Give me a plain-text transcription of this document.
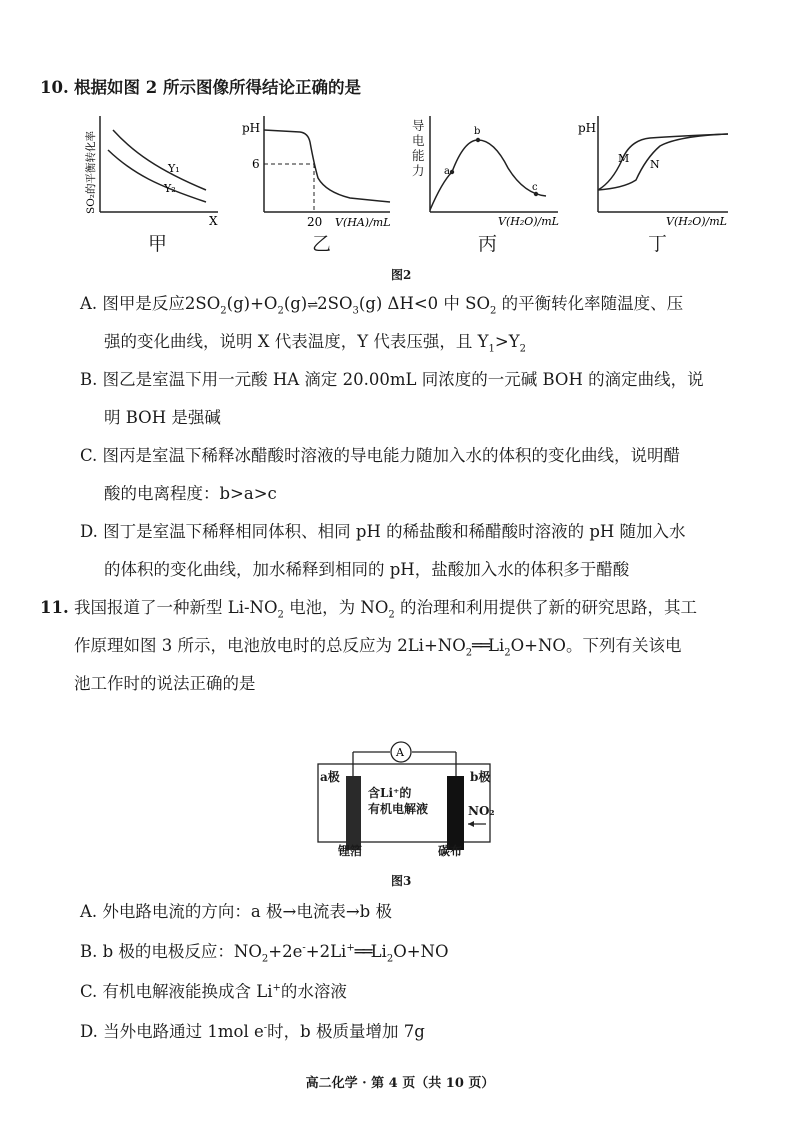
10. 根据如图 2 所示图像所得结论正确的是
Y₁
Y₂
X
SO₂的平衡转化率
甲
pH
6
20 V(HA)/mL
乙
a
b
c
V(H₂O)/mL
导电能力
丙
pH
M N
V(H₂O)/mL
丁
图2
A. 图甲是反应$2SO_2(g)+O_2(g)\rightleftharpoons 2SO_3(g)$ ΔH<0 中 $SO_2$ 的平衡转化率随温度、压
强的变化曲线，说明 X 代表温度，Y 代表压强，且 $Y_1>Y_2$
B. 图乙是室温下用一元酸 HA 滴定 20.00mL 同浓度的一元碱 BOH 的滴定曲线，说
明 BOH 是强碱
C. 图丙是室温下稀释冰醋酸时溶液的导电能力随加入水的体积的变化曲线，说明醋
酸的电离程度：b>a>c
D. 图丁是室温下稀释相同体积、相同 pH 的稀盐酸和稀醋酸时溶液的 pH 随加入水
的体积的变化曲线，加水稀释到相同的 pH，盐酸加入水的体积多于醋酸
11. 我国报道了一种新型 $Li-NO_2$ 电池，为 $NO_2$ 的治理和利用提供了新的研究思路，其工
作原理如图 3 所示，电池放电时的总反应为 $2Li+NO_2══Li_2O+NO$。下列有关该电
池工作时的说法正确的是
A
a极	b极
含Li⁺的
有机电解液	NO₂
锂箔	碳布
图3
A. 外电路电流的方向：a 极→电流表→b 极
B. b 极的电极反应：$NO_2+2e^-+2Li^+══Li_2O+NO$
C. 有机电解液能换成含 Li+的水溶液
D. 当外电路通过 1mol e-时，b 极质量增加 7g
高二化学 · 第 4 页（共 10 页）
